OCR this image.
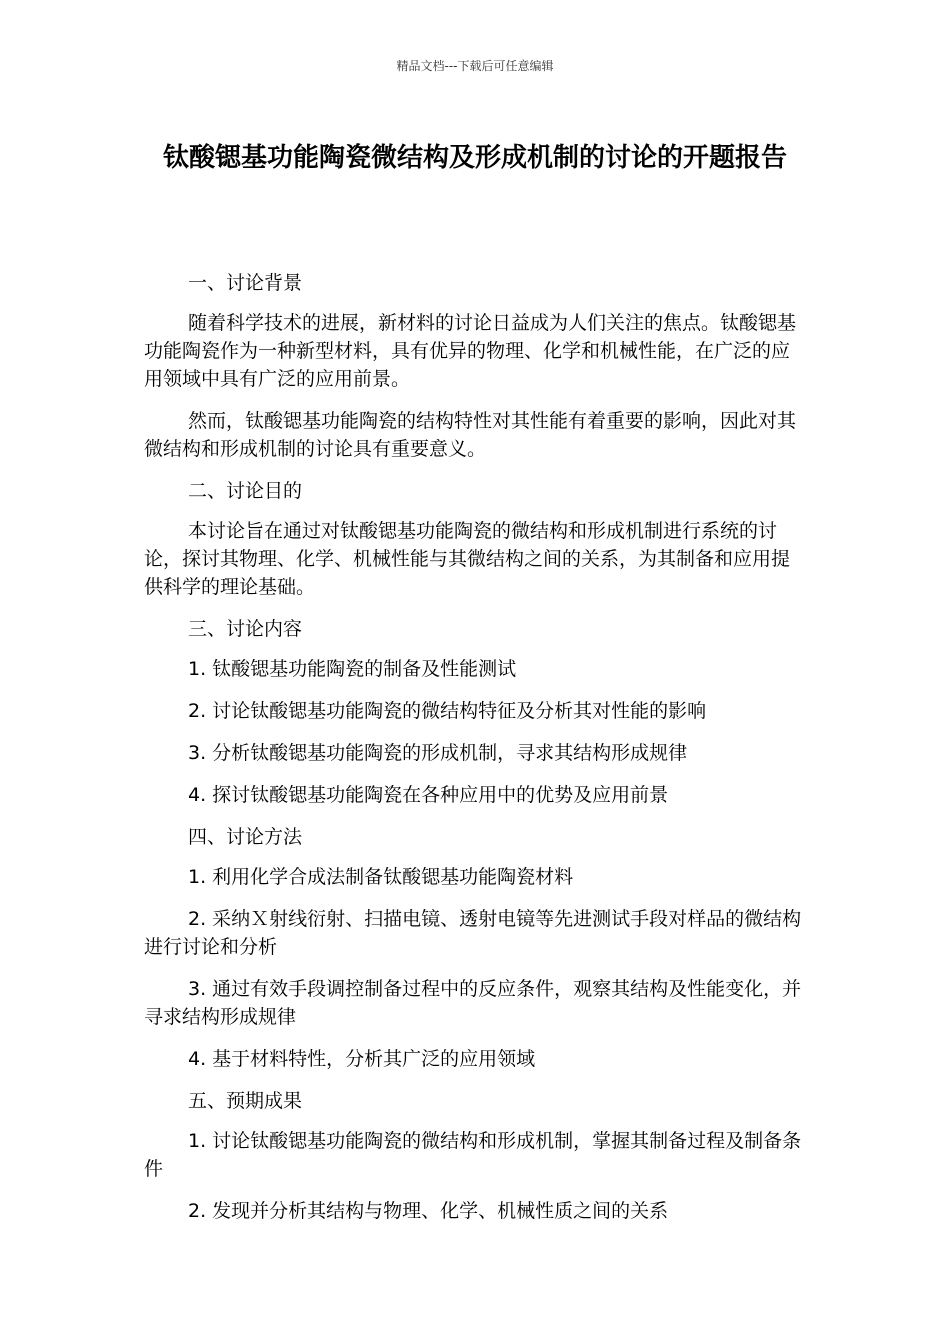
精品文档---下载后可任意编辑
钛酸锶基功能陶瓷微结构及形成机制的讨论的开题报告

一、讨论背景

随着科学技术的进展，新材料的讨论日益成为人们关注的焦点。钛酸锶基功能陶瓷作为一种新型材料，具有优异的物理、化学和机械性能，在广泛的应用领域中具有广泛的应用前景。

然而，钛酸锶基功能陶瓷的结构特性对其性能有着重要的影响，因此对其微结构和形成机制的讨论具有重要意义。

二、讨论目的

本讨论旨在通过对钛酸锶基功能陶瓷的微结构和形成机制进行系统的讨论，探讨其物理、化学、机械性能与其微结构之间的关系，为其制备和应用提供科学的理论基础。

三、讨论内容

1. 钛酸锶基功能陶瓷的制备及性能测试

2. 讨论钛酸锶基功能陶瓷的微结构特征及分析其对性能的影响

3. 分析钛酸锶基功能陶瓷的形成机制，寻求其结构形成规律

4. 探讨钛酸锶基功能陶瓷在各种应用中的优势及应用前景

四、讨论方法

1. 利用化学合成法制备钛酸锶基功能陶瓷材料

2. 采纳Ｘ射线衍射、扫描电镜、透射电镜等先进测试手段对样品的微结构进行讨论和分析

3. 通过有效手段调控制备过程中的反应条件，观察其结构及性能变化，并寻求结构形成规律

4. 基于材料特性，分析其广泛的应用领域

五、预期成果

1. 讨论钛酸锶基功能陶瓷的微结构和形成机制，掌握其制备过程及制备条件

2. 发现并分析其结构与物理、化学、机械性质之间的关系
